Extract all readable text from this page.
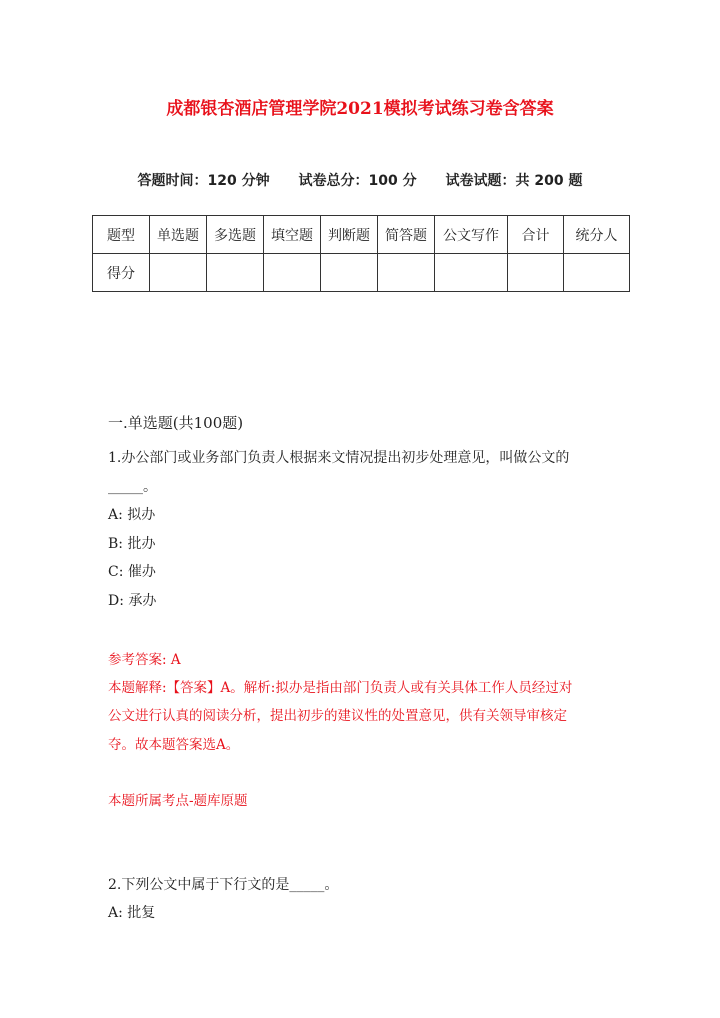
成都银杏酒店管理学院2021模拟考试练习卷含答案
答题时间：120 分钟 试卷总分：100 分 试卷试题：共 200 题
题型	单选题	多选题	填空题	判断题	简答题	公文写作	合计	统分人
得分								
一.单选题(共100题)
1.办公部门或业务部门负责人根据来文情况提出初步处理意见，叫做公文的
_____。
A: 拟办
B: 批办
C: 催办
D: 承办
参考答案: A
本题解释:【答案】A。解析:拟办是指由部门负责人或有关具体工作人员经过对
公文进行认真的阅读分析，提出初步的建议性的处置意见，供有关领导审核定
夺。故本题答案选A。
本题所属考点-题库原题
2.下列公文中属于下行文的是_____。
A: 批复
